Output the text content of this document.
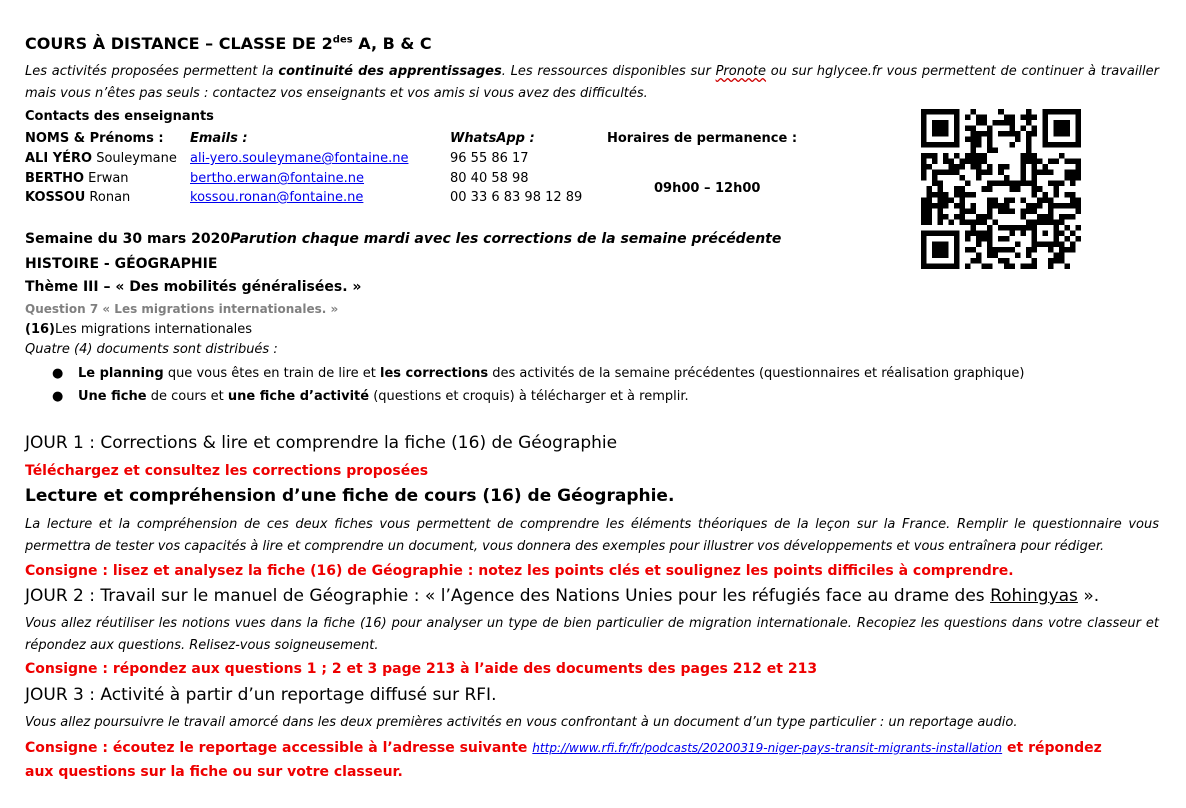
COURS À DISTANCE – CLASSE DE $2^{des}$ A, B & C
Les activités proposées permettent la continuité des apprentissages. Les ressources disponibles sur Pronote ou sur hglycee.fr vous permettent de continuer à travailler mais vous n’êtes pas seuls : contactez vos enseignants et vos amis si vous avez des difficultés.
Contacts des enseignants
NOMS & Prénoms : Emails :	WhatsApp :	Horaires de permanence :
ALI YÉRO Souleymane ali-yero.souleymane@fontaine.ne	96 55 86 17
BERTHO Erwan	bertho.erwan@fontaine.ne	80 40 58 98
KOSSOU Ronan	kossou.ronan@fontaine.ne	00 33 6 83 98 12 89
09h00 – 12h00
Semaine du 30 mars 2020Parution chaque mardi avec les corrections de la semaine précédente
HISTOIRE - GÉOGRAPHIE
Thème III – « Des mobilités généralisées. »
Question 7 « Les migrations internationales. »
(16)Les migrations internationales
Quatre (4) documents sont distribués :
● Le planning que vous êtes en train de lire et les corrections des activités de la semaine précédentes (questionnaires et réalisation graphique)
● Une fiche de cours et une fiche d’activité (questions et croquis) à télécharger et à remplir.
JOUR 1 : Corrections & lire et comprendre la fiche (16) de Géographie
Téléchargez et consultez les corrections proposées
Lecture et compréhension d’une fiche de cours (16) de Géographie.
La lecture et la compréhension de ces deux fiches vous permettent de comprendre les éléments théoriques de la leçon sur la France. Remplir le questionnaire vous permettra de tester vos capacités à lire et comprendre un document, vous donnera des exemples pour illustrer vos développements et vous entraînera pour rédiger.
Consigne : lisez et analysez la fiche (16) de Géographie : notez les points clés et soulignez les points difficiles à comprendre.
JOUR 2 : Travail sur le manuel de Géographie : « l’Agence des Nations Unies pour les réfugiés face au drame des Rohingyas ».
Vous allez réutiliser les notions vues dans la fiche (16) pour analyser un type de bien particulier de migration internationale. Recopiez les questions dans votre classeur et répondez aux questions. Relisez-vous soigneusement.
Consigne : répondez aux questions 1 ; 2 et 3 page 213 à l’aide des documents des pages 212 et 213
JOUR 3 : Activité à partir d’un reportage diffusé sur RFI.
Vous allez poursuivre le travail amorcé dans les deux premières activités en vous confrontant à un document d’un type particulier : un reportage audio.
Consigne : écoutez le reportage accessible à l’adresse suivante http://www.rfi.fr/fr/podcasts/20200319-niger-pays-transit-migrants-installation et répondez aux questions sur la fiche ou sur votre classeur.
